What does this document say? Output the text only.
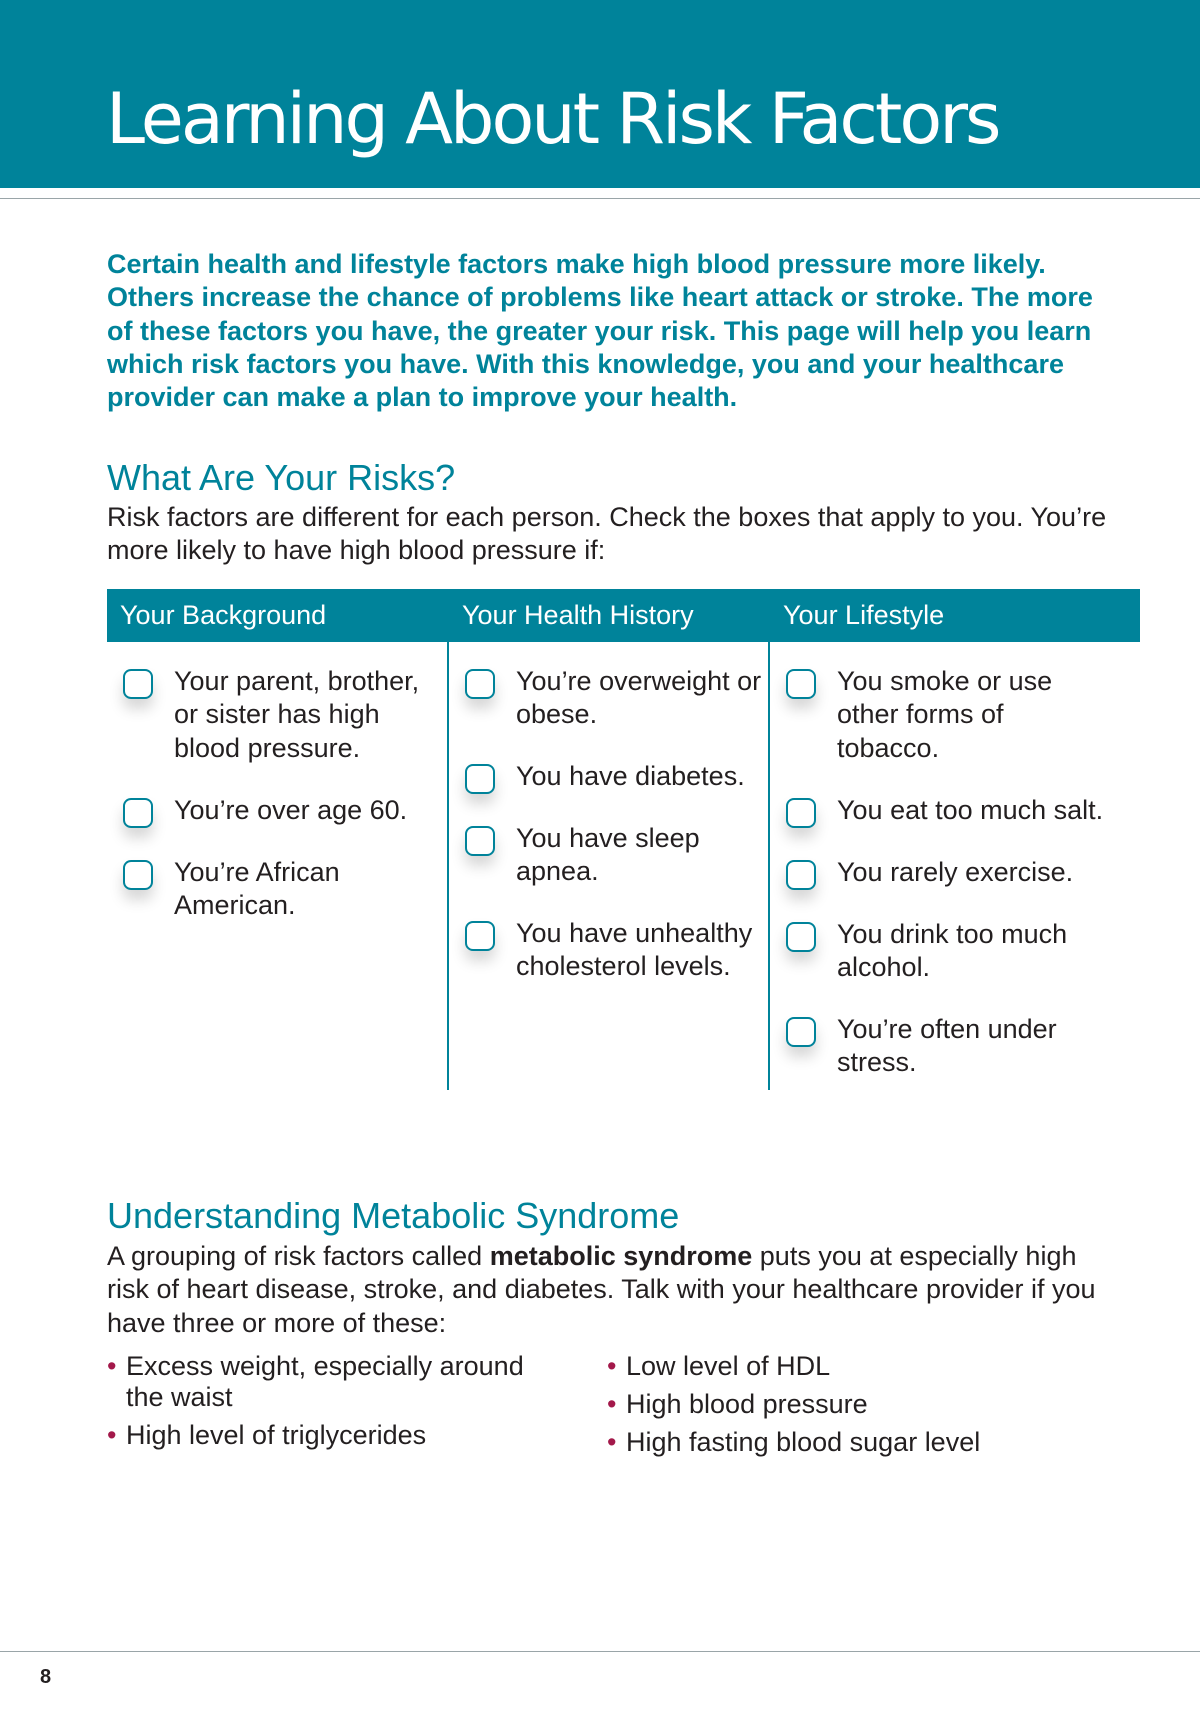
Learning About Risk Factors

Certain health and lifestyle factors make high blood pressure more likely. Others increase the chance of problems like heart attack or stroke. The more of these factors you have, the greater your risk. This page will help you learn which risk factors you have. With this knowledge, you and your healthcare provider can make a plan to improve your health.

What Are Your Risks?

Risk factors are different for each person. Check the boxes that apply to you. You’re more likely to have high blood pressure if:

Your Background
Your parent, brother, or sister has high blood pressure.
You’re over age 60.
You’re African American.
Your Health History
You’re overweight or obese.
You have diabetes.
You have sleep apnea.
You have unhealthy cholesterol levels.
Your Lifestyle
You smoke or use other forms of tobacco.
You eat too much salt.
You rarely exercise.
You drink too much alcohol.
You’re often under stress.
Understanding Metabolic Syndrome

A grouping of risk factors called metabolic syndrome puts you at especially high risk of heart disease, stroke, and diabetes. Talk with your healthcare provider if you have three or more of these:

• Excess weight, especially around the waist
• High level of triglycerides
• Low level of HDL
• High blood pressure
• High fasting blood sugar level
8
